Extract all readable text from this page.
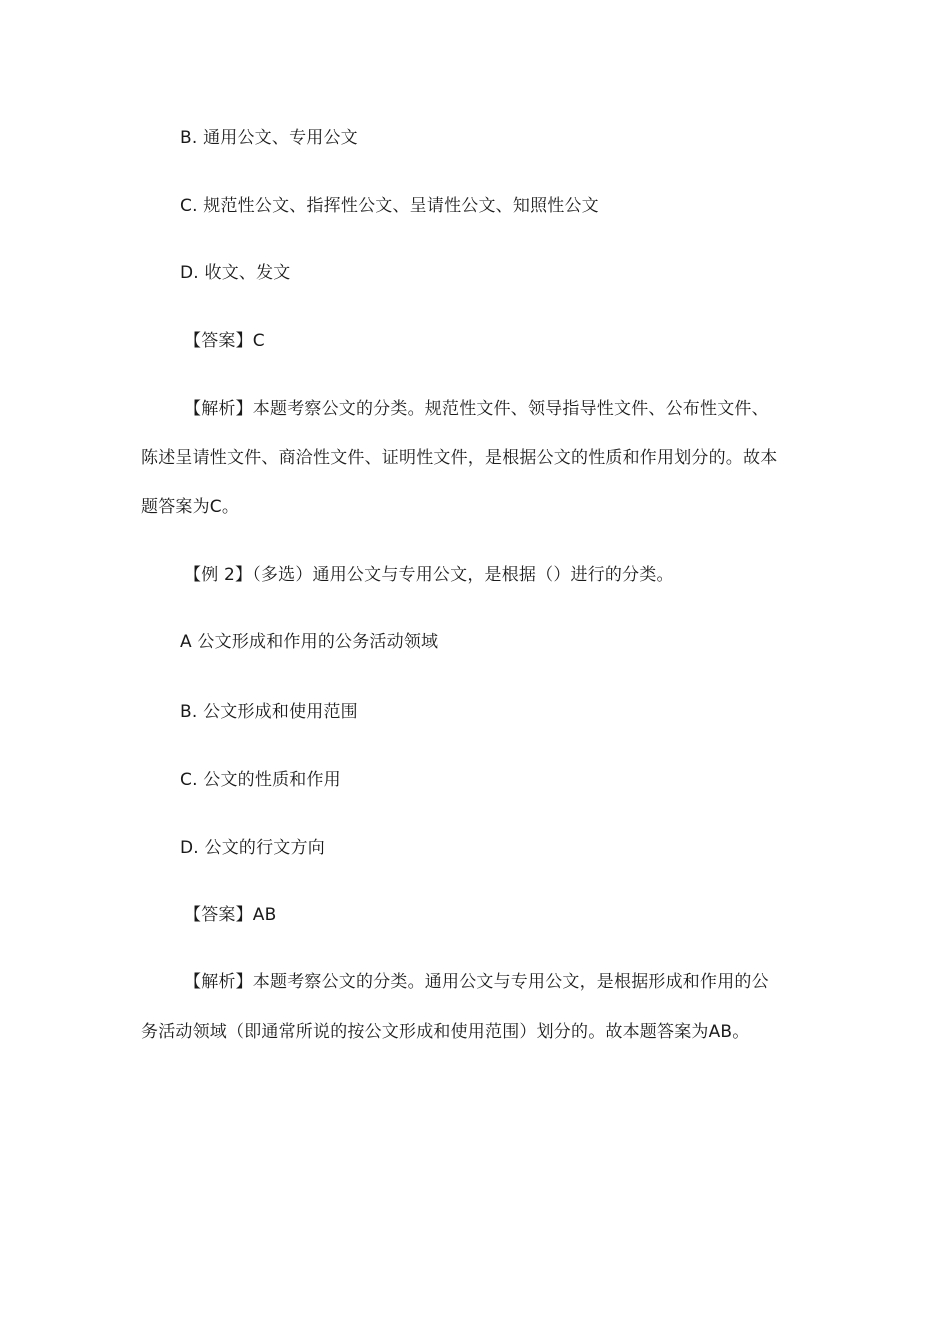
B. 通用公文、专用公文
C. 规范性公文、指挥性公文、呈请性公文、知照性公文
D. 收文、发文
【答案】C
【解析】本题考察公文的分类。规范性文件、领导指导性文件、公布性文件、
陈述呈请性文件、商洽性文件、证明性文件，是根据公文的性质和作用划分的。故本
题答案为C。
【例 2】（多选）通用公文与专用公文，是根据（）进行的分类。
A 公文形成和作用的公务活动领域
B. 公文形成和使用范围
C. 公文的性质和作用
D. 公文的行文方向
【答案】AB
【解析】本题考察公文的分类。通用公文与专用公文，是根据形成和作用的公
务活动领域（即通常所说的按公文形成和使用范围）划分的。故本题答案为AB。
